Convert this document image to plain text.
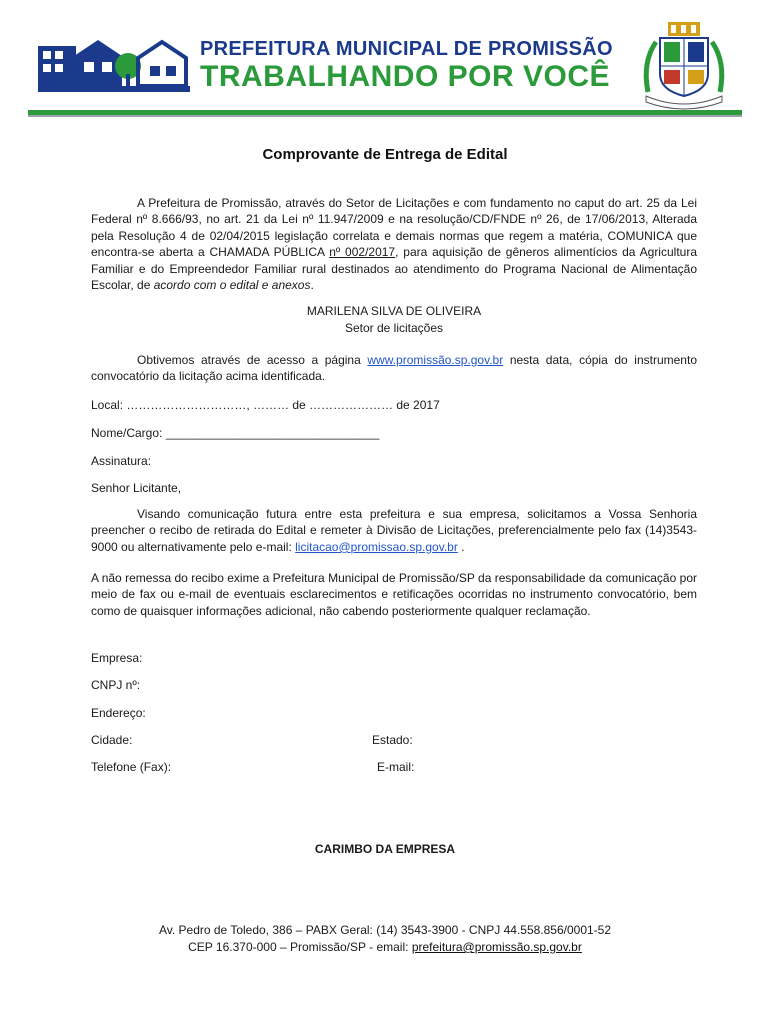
PREFEITURA MUNICIPAL DE PROMISSÃO
TRABALHANDO POR VOCÊ
Comprovante de Entrega de Edital
A Prefeitura de Promissão, através do Setor de Licitações e com fundamento no caput do art. 25 da Lei Federal nº 8.666/93, no art. 21 da Lei nº 11.947/2009 e na resolução/CD/FNDE nº 26, de 17/06/2013, Alterada pela Resolução 4 de 02/04/2015 legislação correlata e demais normas que regem a matéria, COMUNICA que encontra-se aberta a CHAMADA PÚBLICA nº 002/2017, para aquisição de gêneros alimentícios da Agricultura Familiar e do Empreendedor Familiar rural destinados ao atendimento do Programa Nacional de Alimentação Escolar, de acordo com o edital e anexos.
MARILENA SILVA DE OLIVEIRA
Setor de licitações
Obtivemos através de acesso a página www.promissão.sp.gov.br nesta data, cópia do instrumento convocatório da licitação acima identificada.
Local: …………………………, ……… de ………………… de 2017
Nome/Cargo: ________________________________
Assinatura:
Senhor Licitante,
Visando comunicação futura entre esta prefeitura e sua empresa, solicitamos a Vossa Senhoria preencher o recibo de retirada do Edital e remeter à Divisão de Licitações, preferencialmente pelo fax (14)3543-9000 ou alternativamente pelo e-mail: licitacao@promissao.sp.gov.br .
A não remessa do recibo exime a Prefeitura Municipal de Promissão/SP da responsabilidade da comunicação por meio de fax ou e-mail de eventuais esclarecimentos e retificações ocorridas no instrumento convocatório, bem como de quaisquer informações adicional, não cabendo posteriormente qualquer reclamação.
Empresa:
CNPJ nº:
Endereço:
Cidade:	Estado:
Telefone (Fax):	E-mail:
CARIMBO DA EMPRESA
Av. Pedro de Toledo, 386 – PABX Geral: (14) 3543-3900 - CNPJ 44.558.856/0001-52
CEP 16.370-000 – Promissão/SP - email: prefeitura@promissão.sp.gov.br
